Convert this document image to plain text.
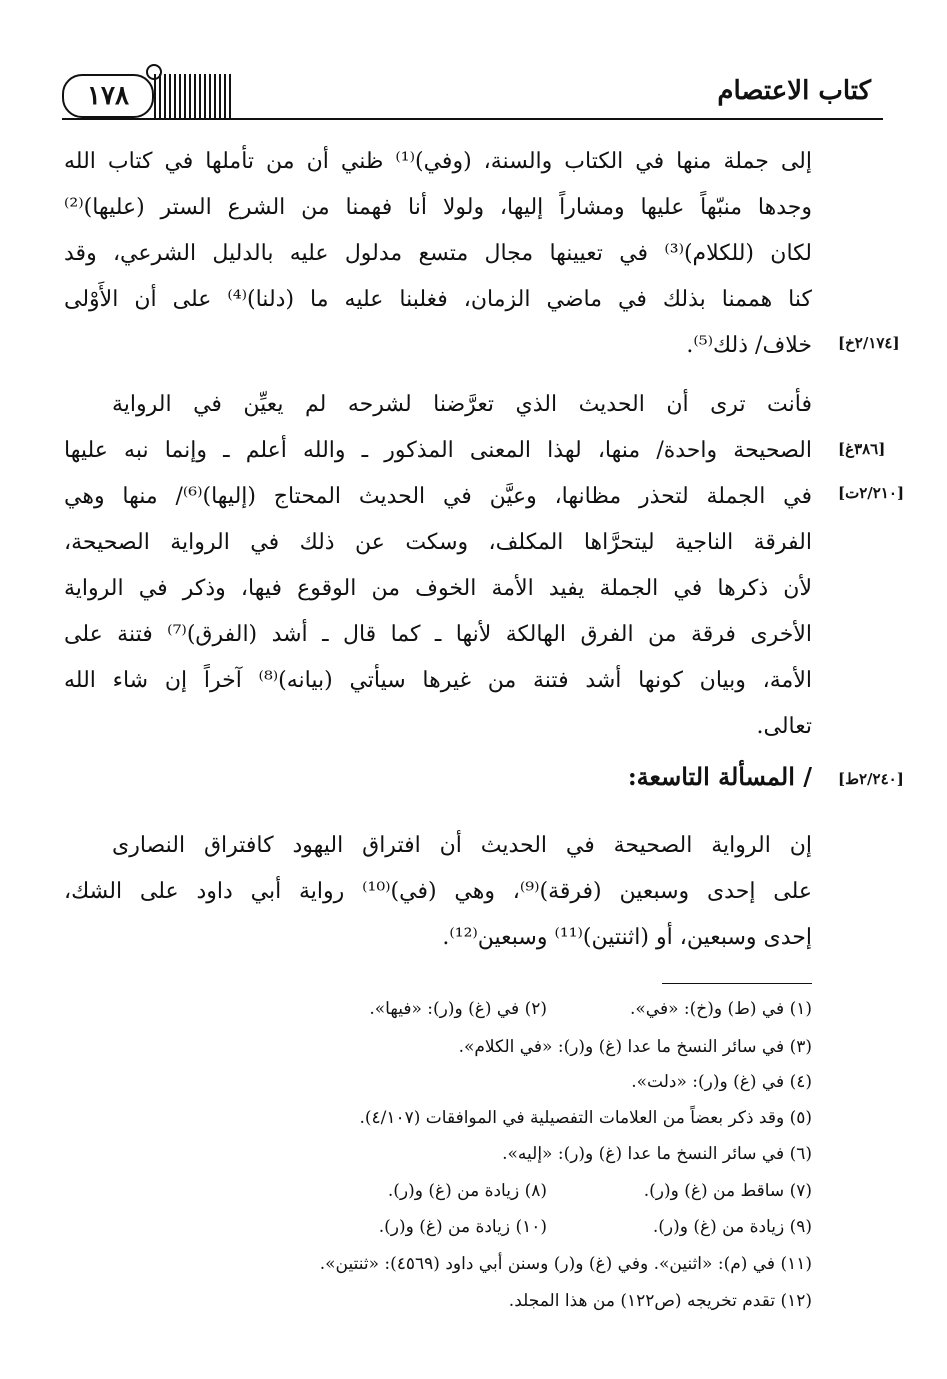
كتاب الاعتصام
١٧٨
إلى جملة منها في الكتاب والسنة، (وفي)⁽¹⁾ ظني أن من تأملها في كتاب الله
وجدها منبّهاً عليها ومشاراً إليها، ولولا أنا فهمنا من الشرع الستر (عليها)⁽²⁾
لكان (للكلام)⁽³⁾ في تعيينها مجال متسع مدلول عليه بالدليل الشرعي، وقد
كنا هممنا بذلك في ماضي الزمان، فغلبنا عليه ما (دلنا)⁽⁴⁾ على أن الأَوْلى
خلاف/ ذلك⁽⁵⁾.
فأنت ترى أن الحديث الذي تعرَّضنا لشرحه لم يعيِّن في الرواية
الصحيحة واحدة/ منها، لهذا المعنى المذكور ـ والله أعلم ـ وإنما نبه عليها
في الجملة لتحذر مظانها، وعيَّن في الحديث المحتاج (إليها)⁽⁶⁾/ منها وهي
الفرقة الناجية ليتحرَّاها المكلف، وسكت عن ذلك في الرواية الصحيحة،
لأن ذكرها في الجملة يفيد الأمة الخوف من الوقوع فيها، وذكر في الرواية
الأخرى فرقة من الفرق الهالكة لأنها ـ كما قال ـ أشد (الفرق)⁽⁷⁾ فتنة على
الأمة، وبيان كونها أشد فتنة من غيرها سيأتي (بيانه)⁽⁸⁾ آخراً إن شاء الله
تعالى.
إن الرواية الصحيحة في الحديث أن افتراق اليهود كافتراق النصارى
على إحدى وسبعين (فرقة)⁽⁹⁾، وهي (في)⁽¹⁰⁾ رواية أبي داود على الشك،
إحدى وسبعين، أو (اثنتين)⁽¹¹⁾ وسبعين⁽¹²⁾.
/ المسألة التاسعة:
[٢/١٧٤خ]
[٣٨٦غ]
[٢/٢١٠ت]
[٢/٢٤٠ط]
(١) في (ط) و(خ): «في».
(٢) في (غ) و(ر): «فيها».
(٣) في سائر النسخ ما عدا (غ) و(ر): «في الكلام».
(٤) في (غ) و(ر): «دلت».
(٥) وقد ذكر بعضاً من العلامات التفصيلية في الموافقات (٤/١٠٧).
(٦) في سائر النسخ ما عدا (غ) و(ر): «إليه».
(٧) ساقط من (غ) و(ر).
(٨) زيادة من (غ) و(ر).
(٩) زيادة من (غ) و(ر).
(١٠) زيادة من (غ) و(ر).
(١١) في (م): «اثنين». وفي (غ) و(ر) وسنن أبي داود (٤٥٦٩): «ثنتين».
(١٢) تقدم تخريجه (ص١٢٢) من هذا المجلد.
